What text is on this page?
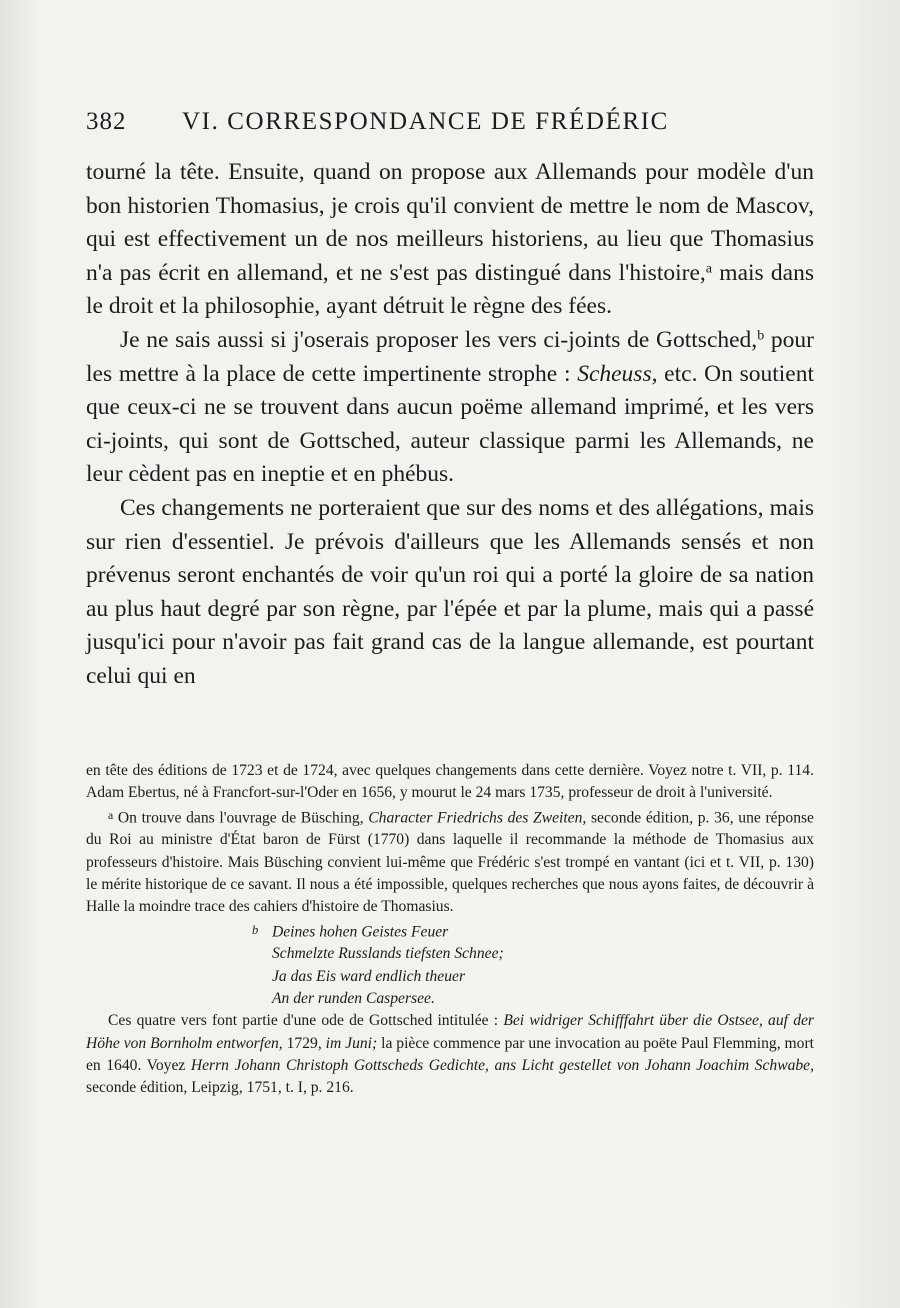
382 VI. CORRESPONDANCE DE FRÉDÉRIC

tourné la tête. Ensuite, quand on propose aux Allemands pour modèle d'un bon historien Thomasius, je crois qu'il convient de mettre le nom de Mascov, qui est effectivement un de nos meilleurs historiens, au lieu que Thomasius n'a pas écrit en allemand, et ne s'est pas distingué dans l'histoire,$^a$ mais dans le droit et la philosophie, ayant détruit le règne des fées.

Je ne sais aussi si j'oserais proposer les vers ci-joints de Gottsched,$^b$ pour les mettre à la place de cette impertinente strophe : Scheuss, etc. On soutient que ceux-ci ne se trouvent dans aucun poëme allemand imprimé, et les vers ci-joints, qui sont de Gottsched, auteur classique parmi les Allemands, ne leur cèdent pas en ineptie et en phébus.

Ces changements ne porteraient que sur des noms et des allégations, mais sur rien d'essentiel. Je prévois d'ailleurs que les Allemands sensés et non prévenus seront enchantés de voir qu'un roi qui a porté la gloire de sa nation au plus haut degré par son règne, par l'épée et par la plume, mais qui a passé jusqu'ici pour n'avoir pas fait grand cas de la langue allemande, est pourtant celui qui en

en tête des éditions de 1723 et de 1724, avec quelques changements dans cette dernière. Voyez notre t. VII, p. 114. Adam Ebertus, né à Francfort-sur-l'Oder en 1656, y mourut le 24 mars 1735, professeur de droit à l'université.

$^a$ On trouve dans l'ouvrage de Büsching, Character Friedrichs des Zweiten, seconde édition, p. 36, une réponse du Roi au ministre d'État baron de Fürst (1770) dans laquelle il recommande la méthode de Thomasius aux professeurs d'histoire. Mais Büsching convient lui-même que Frédéric s'est trompé en vantant (ici et t. VII, p. 130) le mérite historique de ce savant. Il nous a été impossible, quelques recherches que nous ayons faites, de découvrir à Halle la moindre trace des cahiers d'histoire de Thomasius.

b Deines hohen Geistes Feuer
Schmelzte Russlands tiefsten Schnee;
Ja das Eis ward endlich theuer
An der runden Caspersee.

Ces quatre vers font partie d'une ode de Gottsched intitulée : Bei widriger Schifffahrt über die Ostsee, auf der Höhe von Bornholm entworfen, 1729, im Juni; la pièce commence par une invocation au poëte Paul Flemming, mort en 1640. Voyez Herrn Johann Christoph Gottscheds Gedichte, ans Licht gestellet von Johann Joachim Schwabe, seconde édition, Leipzig, 1751, t. I, p. 216.
